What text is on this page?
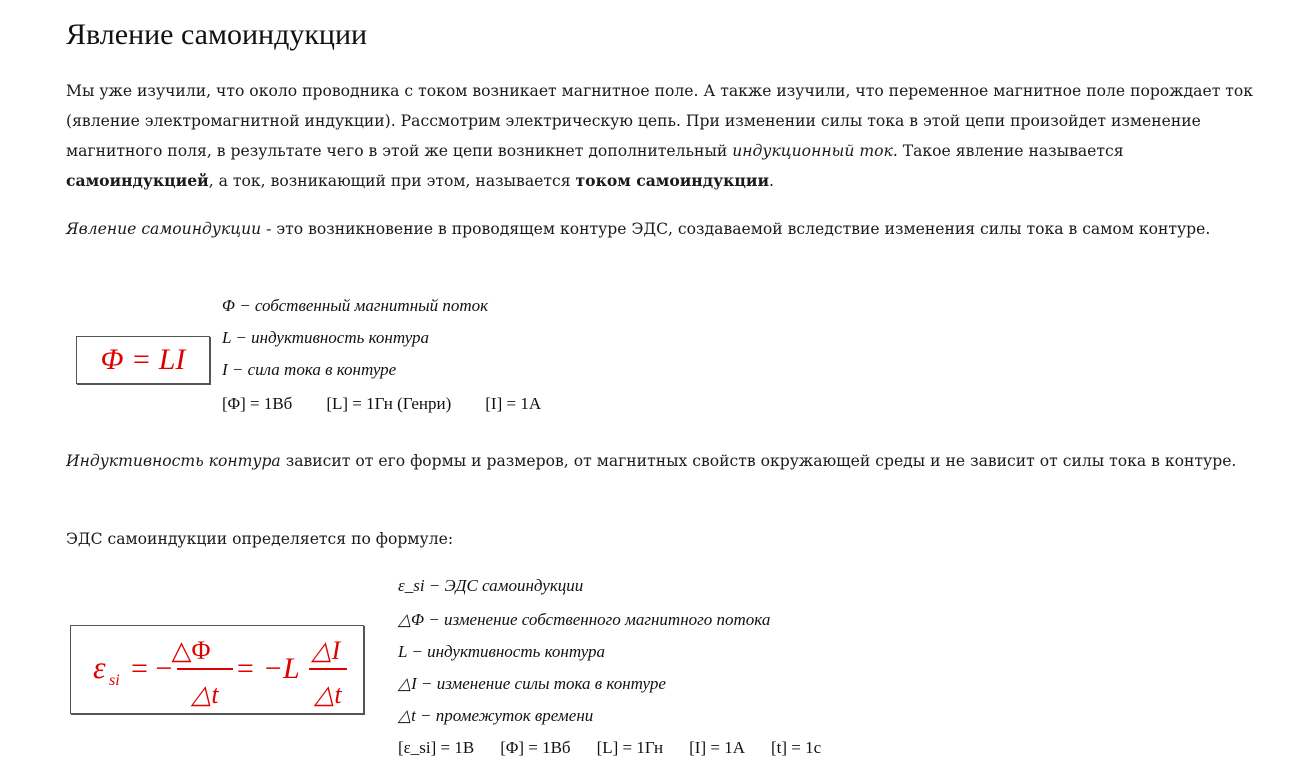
Явление самоиндукции

Мы уже изучили, что около проводника с током возникает магнитное поле. А также изучили, что переменное магнитное поле порождает ток (явление электромагнитной индукции). Рассмотрим электрическую цепь. При изменении силы тока в этой цепи произойдет изменение магнитного поля, в результате чего в этой же цепи возникнет дополнительный индукционный ток. Такое явление называется самоиндукцией, а ток, возникающий при этом, называется током самоиндукции.

Явление самоиндукции - это возникновение в проводящем контуре ЭДС, создаваемой вследствие изменения силы тока в самом контуре.

Φ = LI
Φ − собственный магнитный поток
L − индуктивность контура
I − сила тока в контуре
[Φ] = 1Вб [L] = 1Гн (Генри) [I] = 1А

Индуктивность контура зависит от его формы и размеров, от магнитных свойств окружающей среды и не зависит от силы тока в контуре.

ЭДС самоиндукции определяется по формуле:

ε si = −
△Φ
△t
= −L
△I
△t
ε_si − ЭДС самоиндукции
△Φ − изменение собственного магнитного потока
L − индуктивность контура
△I − изменение силы тока в контуре
△t − промежуток времени
[ε_si] = 1В [Φ] = 1Вб [L] = 1Гн [I] = 1А [t] = 1с
